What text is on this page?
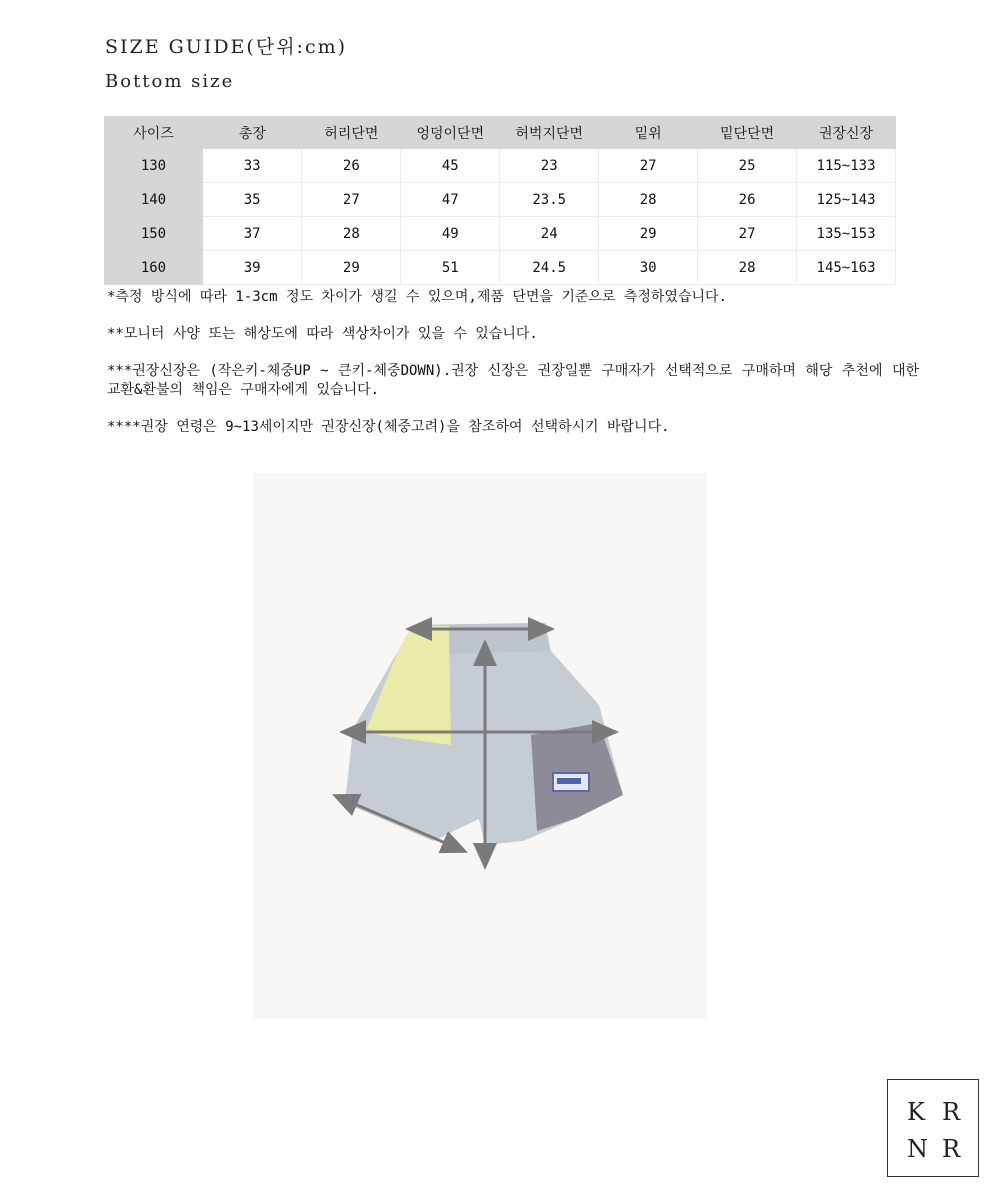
SIZE GUIDE(단위:cm)
Bottom size
사이즈	총장	허리단면	엉덩이단면	허벅지단면	밑위	밑단단면	권장신장
130	33	26	45	23	27	25	115~133
140	35	27	47	23.5	28	26	125~143
150	37	28	49	24	29	27	135~153
160	39	29	51	24.5	30	28	145~163

*측정 방식에 따라 1-3cm 정도 차이가 생길 수 있으며,제품 단면을 기준으로 측정하였습니다.

**모니터 사양 또는 해상도에 따라 색상차이가 있을 수 있습니다.

***권장신장은 (작은키-체중UP ~ 큰키-체중DOWN).권장 신장은 권장일뿐 구매자가 선택적으로 구매하며 해당 추천에 대한 교환&환불의 책임은 구매자에게 있습니다.

****권장 연령은 9~13세이지만 권장신장(체중고려)을 참조하여 선택하시기 바랍니다.

K R
N R
